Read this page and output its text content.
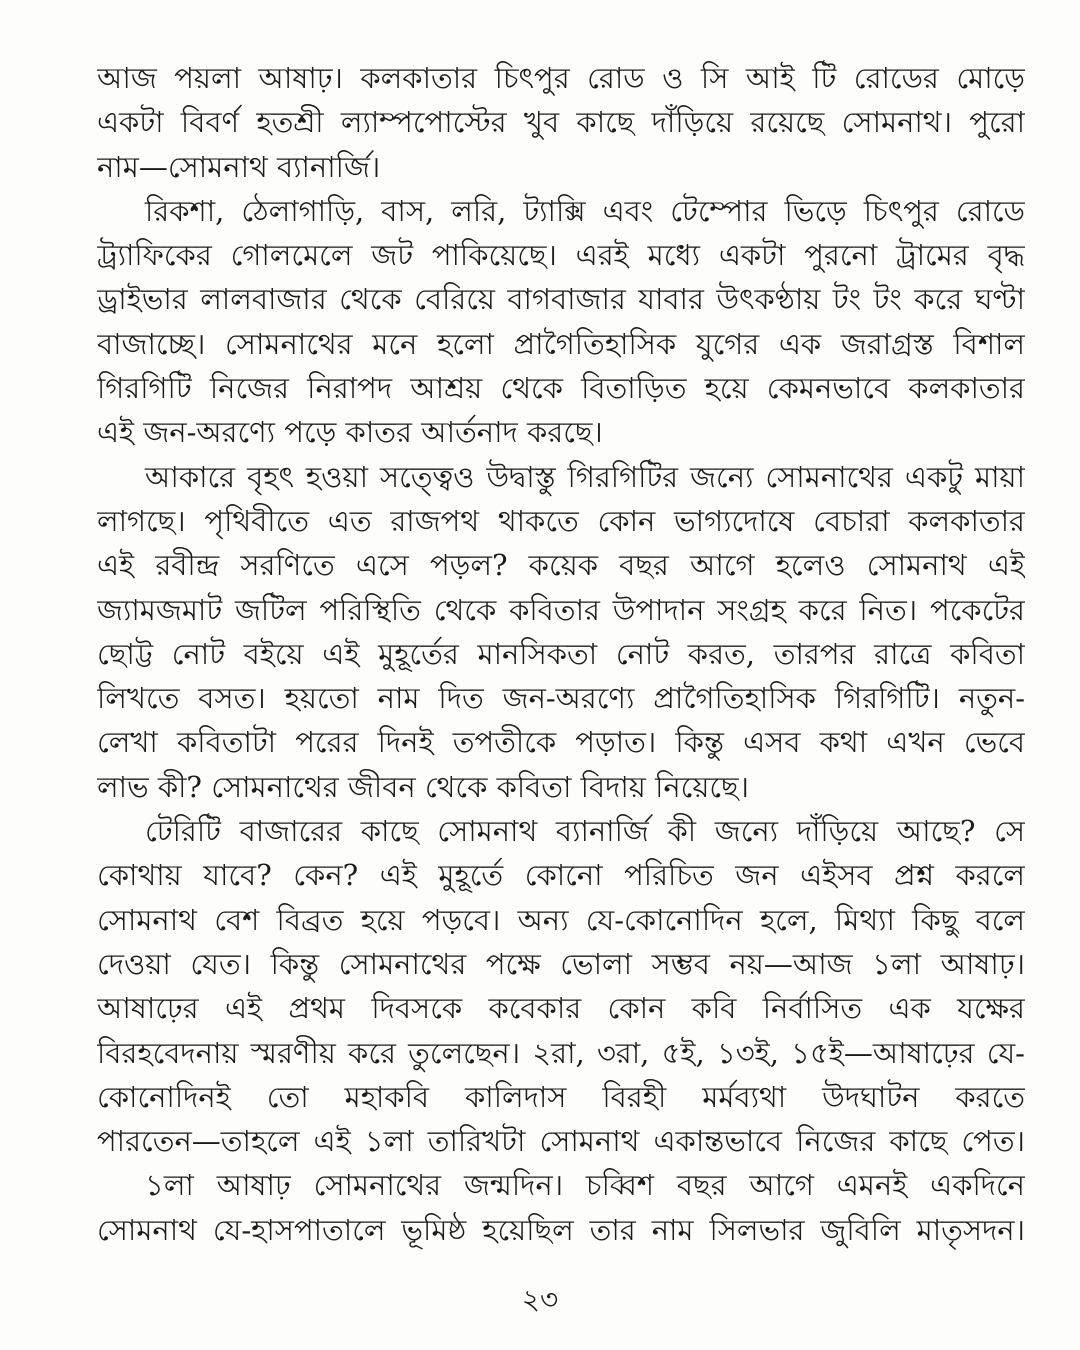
আজ পয়লা আষাঢ়। কলকাতার চিৎপুর রোড ও সি আই টি রোডের মোড়ে
একটা বিবর্ণ হতশ্রী ল্যাম্পপোস্টের খুব কাছে দাঁড়িয়ে রয়েছে সোমনাথ। পুরো
নাম—সোমনাথ ব্যানার্জি।
রিকশা, ঠেলাগাড়ি, বাস, লরি, ট্যাক্সি এবং টেম্পোর ভিড়ে চিৎপুর রোডে
ট্র্যাফিকের গোলমেলে জট পাকিয়েছে। এরই মধ্যে একটা পুরনো ট্রামের বৃদ্ধ
ড্রাইভার লালবাজার থেকে বেরিয়ে বাগবাজার যাবার উৎকণ্ঠায় টং টং করে ঘণ্টা
বাজাচ্ছে। সোমনাথের মনে হলো প্রাগৈতিহাসিক যুগের এক জরাগ্রস্ত বিশাল
গিরগিটি নিজের নিরাপদ আশ্রয় থেকে বিতাড়িত হয়ে কেমনভাবে কলকাতার
এই জন-অরণ্যে পড়ে কাতর আর্তনাদ করছে।
আকারে বৃহৎ হওয়া সত্ত্বেও উদ্বাস্তু গিরগিটির জন্যে সোমনাথের একটু মায়া
লাগছে। পৃথিবীতে এত রাজপথ থাকতে কোন ভাগ্যদোষে বেচারা কলকাতার
এই রবীন্দ্র সরণিতে এসে পড়ল? কয়েক বছর আগে হলেও সোমনাথ এই
জ্যামজমাট জটিল পরিস্থিতি থেকে কবিতার উপাদান সংগ্রহ করে নিত। পকেটের
ছোট্ট নোট বইয়ে এই মুহূর্তের মানসিকতা নোট করত, তারপর রাত্রে কবিতা
লিখতে বসত। হয়তো নাম দিত জন-অরণ্যে প্রাগৈতিহাসিক গিরগিটি। নতুন-
লেখা কবিতাটা পরের দিনই তপতীকে পড়াত। কিন্তু এসব কথা এখন ভেবে
লাভ কী? সোমনাথের জীবন থেকে কবিতা বিদায় নিয়েছে।
টেরিটি বাজারের কাছে সোমনাথ ব্যানার্জি কী জন্যে দাঁড়িয়ে আছে? সে
কোথায় যাবে? কেন? এই মুহূর্তে কোনো পরিচিত জন এইসব প্রশ্ন করলে
সোমনাথ বেশ বিব্রত হয়ে পড়বে। অন্য যে-কোনোদিন হলে, মিথ্যা কিছু বলে
দেওয়া যেত। কিন্তু সোমনাথের পক্ষে ভোলা সম্ভব নয়—আজ ১লা আষাঢ়।
আষাঢ়ের এই প্রথম দিবসকে কবেকার কোন কবি নির্বাসিত এক যক্ষের
বিরহবেদনায় স্মরণীয় করে তুলেছেন। ২রা, ৩রা, ৫ই, ১৩ই, ১৫ই—আষাঢ়ের যে-
কোনোদিনই তো মহাকবি কালিদাস বিরহী মর্মব্যথা উদঘাটন করতে
পারতেন—তাহলে এই ১লা তারিখটা সোমনাথ একান্তভাবে নিজের কাছে পেত।
১লা আষাঢ় সোমনাথের জন্মদিন। চব্বিশ বছর আগে এমনই একদিনে
সোমনাথ যে-হাসপাতালে ভূমিষ্ঠ হয়েছিল তার নাম সিলভার জুবিলি মাতৃসদন।
২৩
